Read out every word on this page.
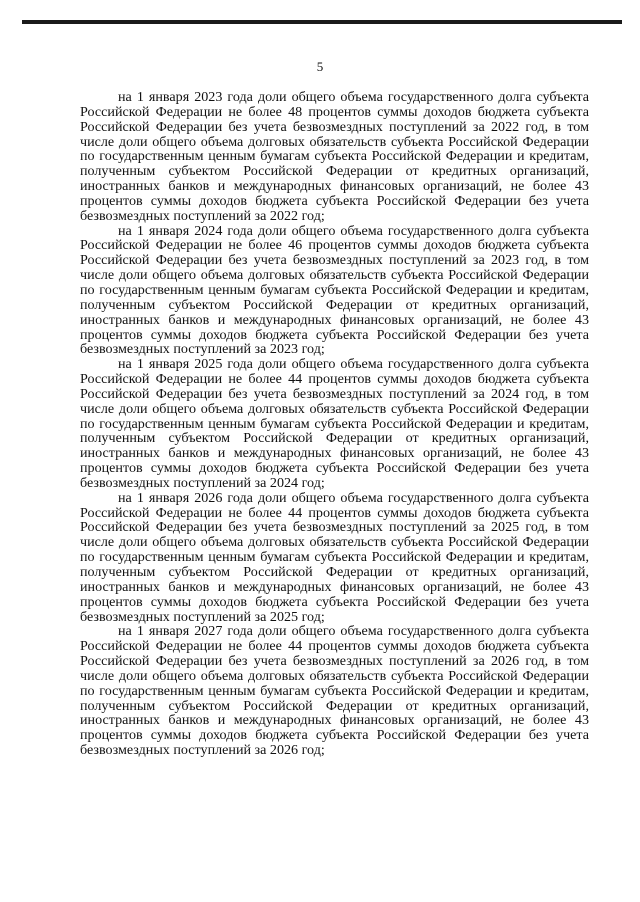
5

на 1 января 2023 года доли общего объема государственного долга субъекта Российской Федерации не более 48 процентов суммы доходов бюджета субъекта Российской Федерации без учета безвозмездных поступлений за 2022 год, в том числе доли общего объема долговых обязательств субъекта Российской Федерации по государственным ценным бумагам субъекта Российской Федерации и кредитам, полученным субъектом Российской Федерации от кредитных организаций, иностранных банков и международных финансовых организаций, не более 43 процентов суммы доходов бюджета субъекта Российской Федерации без учета безвозмездных поступлений за 2022 год;

на 1 января 2024 года доли общего объема государственного долга субъекта Российской Федерации не более 46 процентов суммы доходов бюджета субъекта Российской Федерации без учета безвозмездных поступлений за 2023 год, в том числе доли общего объема долговых обязательств субъекта Российской Федерации по государственным ценным бумагам субъекта Российской Федерации и кредитам, полученным субъектом Российской Федерации от кредитных организаций, иностранных банков и международных финансовых организаций, не более 43 процентов суммы доходов бюджета субъекта Российской Федерации без учета безвозмездных поступлений за 2023 год;

на 1 января 2025 года доли общего объема государственного долга субъекта Российской Федерации не более 44 процентов суммы доходов бюджета субъекта Российской Федерации без учета безвозмездных поступлений за 2024 год, в том числе доли общего объема долговых обязательств субъекта Российской Федерации по государственным ценным бумагам субъекта Российской Федерации и кредитам, полученным субъектом Российской Федерации от кредитных организаций, иностранных банков и международных финансовых организаций, не более 43 процентов суммы доходов бюджета субъекта Российской Федерации без учета безвозмездных поступлений за 2024 год;

на 1 января 2026 года доли общего объема государственного долга субъекта Российской Федерации не более 44 процентов суммы доходов бюджета субъекта Российской Федерации без учета безвозмездных поступлений за 2025 год, в том числе доли общего объема долговых обязательств субъекта Российской Федерации по государственным ценным бумагам субъекта Российской Федерации и кредитам, полученным субъектом Российской Федерации от кредитных организаций, иностранных банков и международных финансовых организаций, не более 43 процентов суммы доходов бюджета субъекта Российской Федерации без учета безвозмездных поступлений за 2025 год;

на 1 января 2027 года доли общего объема государственного долга субъекта Российской Федерации не более 44 процентов суммы доходов бюджета субъекта Российской Федерации без учета безвозмездных поступлений за 2026 год, в том числе доли общего объема долговых обязательств субъекта Российской Федерации по государственным ценным бумагам субъекта Российской Федерации и кредитам, полученным субъектом Российской Федерации от кредитных организаций, иностранных банков и международных финансовых организаций, не более 43 процентов суммы доходов бюджета субъекта Российской Федерации без учета безвозмездных поступлений за 2026 год;
